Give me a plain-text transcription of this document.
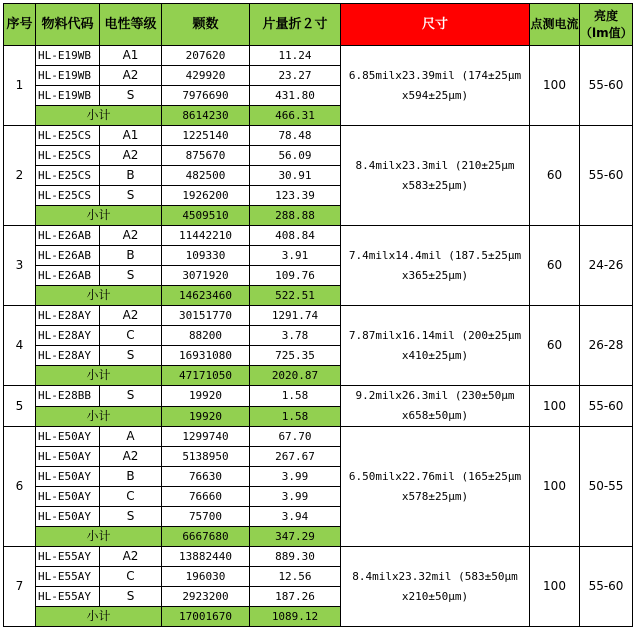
序号	物料代码	电性等级	颗数	片量折２寸	尺寸	点测电流	亮度（lm值）
1	HL-E19WB	A1	207620	11.24	6.85milx23.39mil (174±25μm x594±25μm)	100	55-60
	HL-E19WB	A2	429920	23.27			
	HL-E19WB	S	7976690	431.80			
	小计		8614230	466.31			
2	HL-E25CS	A1	1225140	78.48	8.4milx23.3mil (210±25μm x583±25μm)	60	55-60
	HL-E25CS	A2	875670	56.09			
	HL-E25CS	B	482500	30.91			
	HL-E25CS	S	1926200	123.39			
	小计		4509510	288.88			
3	HL-E26AB	A2	11442210	408.84	7.4milx14.4mil (187.5±25μm x365±25μm)	60	24-26
	HL-E26AB	B	109330	3.91			
	HL-E26AB	S	3071920	109.76			
	小计		14623460	522.51			
4	HL-E28AY	A2	30151770	1291.74	7.87milx16.14mil (200±25μm x410±25μm)	60	26-28
	HL-E28AY	C	88200	3.78			
	HL-E28AY	S	16931080	725.35			
	小计		47171050	2020.87			
5	HL-E28BB	S	19920	1.58	9.2milx26.3mil (230±50μm x658±50μm)	100	55-60
	小计		19920	1.58			
6	HL-E50AY	A	1299740	67.70	6.50milx22.76mil (165±25μm x578±25μm)	100	50-55
	HL-E50AY	A2	5138950	267.67			
	HL-E50AY	B	76630	3.99			
	HL-E50AY	C	76660	3.99			
	HL-E50AY	S	75700	3.94			
	小计		6667680	347.29			
7	HL-E55AY	A2	13882440	889.30	8.4milx23.32mil (583±50μm x210±50μm)	100	55-60
	HL-E55AY	C	196030	12.56			
	HL-E55AY	S	2923200	187.26			
	小计		17001670	1089.12			
